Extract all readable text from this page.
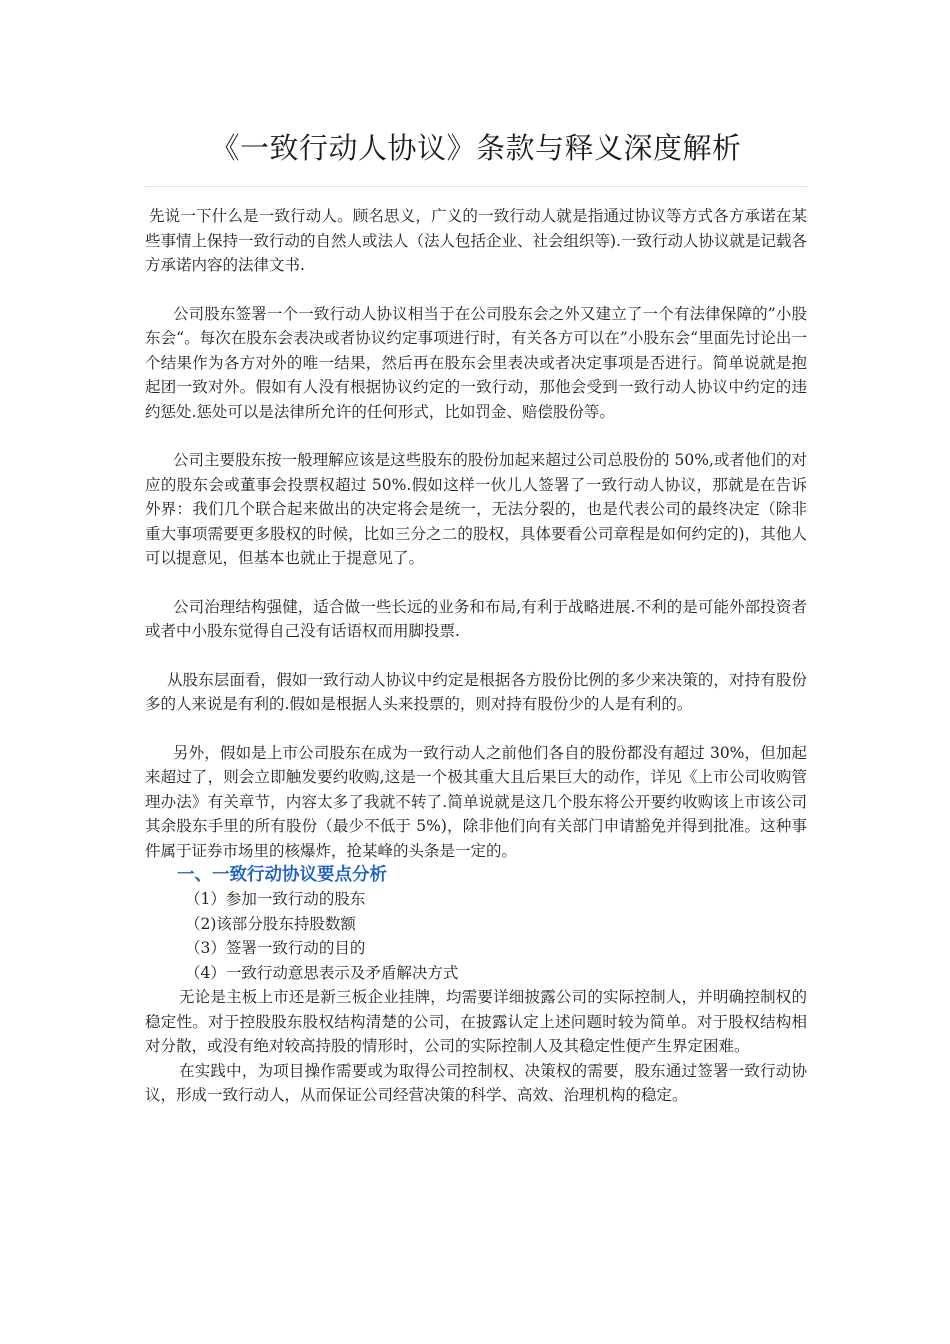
《一致行动人协议》条款与释义深度解析

先说一下什么是一致行动人。顾名思义，广义的一致行动人就是指通过协议等方式各方承诺在某些事情上保持一致行动的自然人或法人（法人包括企业、社会组织等).一致行动人协议就是记载各方承诺内容的法律文书.

公司股东签署一个一致行动人协议相当于在公司股东会之外又建立了一个有法律保障的”小股东会“。每次在股东会表决或者协议约定事项进行时，有关各方可以在”小股东会“里面先讨论出一个结果作为各方对外的唯一结果，然后再在股东会里表决或者决定事项是否进行。简单说就是抱起团一致对外。假如有人没有根据协议约定的一致行动，那他会受到一致行动人协议中约定的违约惩处.惩处可以是法律所允许的任何形式，比如罚金、赔偿股份等。

公司主要股东按一般理解应该是这些股东的股份加起来超过公司总股份的 50%,或者他们的对应的股东会或董事会投票权超过 50%.假如这样一伙儿人签署了一致行动人协议，那就是在告诉外界：我们几个联合起来做出的决定将会是统一，无法分裂的，也是代表公司的最终决定（除非重大事项需要更多股权的时候，比如三分之二的股权，具体要看公司章程是如何约定的)，其他人可以提意见，但基本也就止于提意见了。

公司治理结构强健，适合做一些长远的业务和布局,有利于战略进展.不利的是可能外部投资者或者中小股东觉得自己没有话语权而用脚投票.

从股东层面看，假如一致行动人协议中约定是根据各方股份比例的多少来决策的，对持有股份多的人来说是有利的.假如是根据人头来投票的，则对持有股份少的人是有利的。

另外，假如是上市公司股东在成为一致行动人之前他们各自的股份都没有超过 30%，但加起来超过了，则会立即触发要约收购,这是一个极其重大且后果巨大的动作，详见《上市公司收购管理办法》有关章节，内容太多了我就不转了.简单说就是这几个股东将公开要约收购该上市该公司其余股东手里的所有股份（最少不低于 5%)，除非他们向有关部门申请豁免并得到批准。这种事件属于证券市场里的核爆炸，抢某峰的头条是一定的。

一、一致行动协议要点分析

（1）参加一致行动的股东

（2)该部分股东持股数额

（3）签署一致行动的目的

（4）一致行动意思表示及矛盾解决方式

无论是主板上市还是新三板企业挂牌，均需要详细披露公司的实际控制人，并明确控制权的稳定性。对于控股股东股权结构清楚的公司，在披露认定上述问题时较为简单。对于股权结构相对分散，或没有绝对较高持股的情形时，公司的实际控制人及其稳定性便产生界定困难。

在实践中，为项目操作需要或为取得公司控制权、决策权的需要，股东通过签署一致行动协议，形成一致行动人，从而保证公司经营决策的科学、高效、治理机构的稳定。
